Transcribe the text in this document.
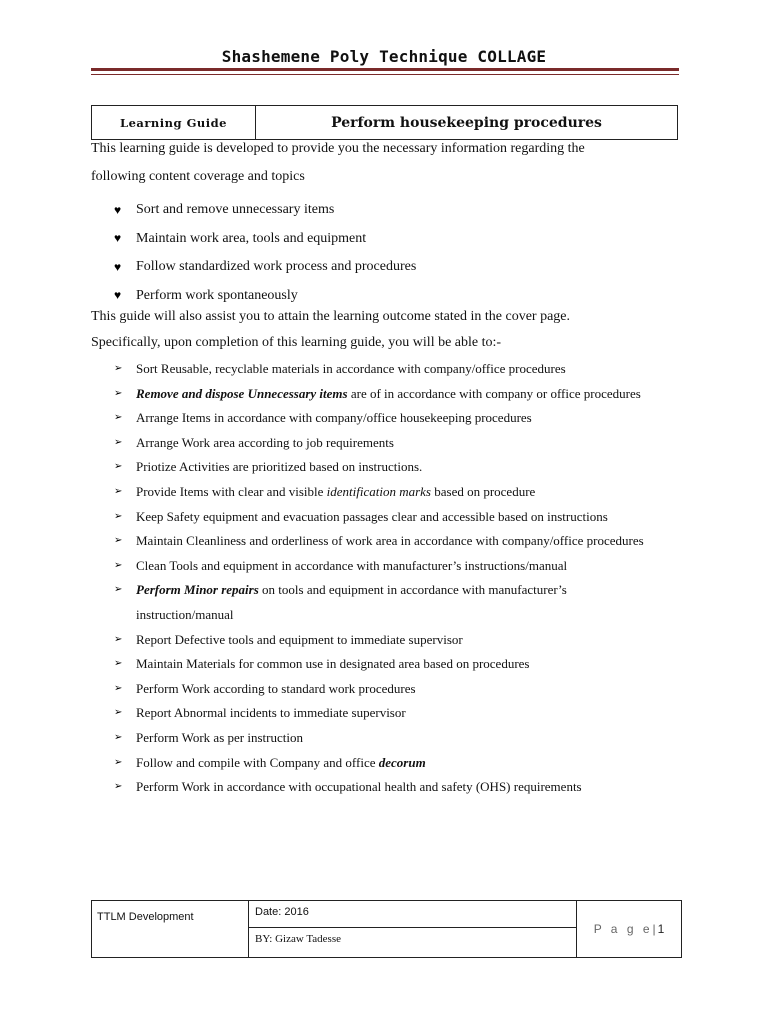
Shashemene Poly Technique COLLAGE
Learning Guide	Perform housekeeping procedures
This learning guide is developed to provide you the necessary information regarding the
following content coverage and topics
♥	Sort and remove unnecessary items
♥	Maintain work area, tools and equipment
♥	Follow standardized work process and procedures
♥	Perform work spontaneously
This guide will also assist you to attain the learning outcome stated in the cover page.
Specifically, upon completion of this learning guide, you will be able to:-
➢	Sort Reusable, recyclable materials in accordance with company/office procedures
➢	Remove and dispose Unnecessary items are of in accordance with company or office procedures
➢	Arrange Items in accordance with company/office housekeeping procedures
➢	Arrange Work area according to job requirements
➢	Priotize Activities are prioritized based on instructions.
➢	Provide Items with clear and visible identification marks based on procedure
➢	Keep Safety equipment and evacuation passages clear and accessible based on instructions
➢	Maintain Cleanliness and orderliness of work area in accordance with company/office procedures
➢	Clean Tools and equipment in accordance with manufacturer’s instructions/manual
➢	Perform Minor repairs on tools and equipment in accordance with manufacturer’s
instruction/manual
➢	Report Defective tools and equipment to immediate supervisor
➢	Maintain Materials for common use in designated area based on procedures
➢	Perform Work according to standard work procedures
➢	Report Abnormal incidents to immediate supervisor
➢	Perform Work as per instruction
➢	Follow and compile with Company and office decorum
➢	Perform Work in accordance with occupational health and safety (OHS) requirements
TTLM Development	Date: 2016
BY: Gizaw Tadesse
P a g e | 1
